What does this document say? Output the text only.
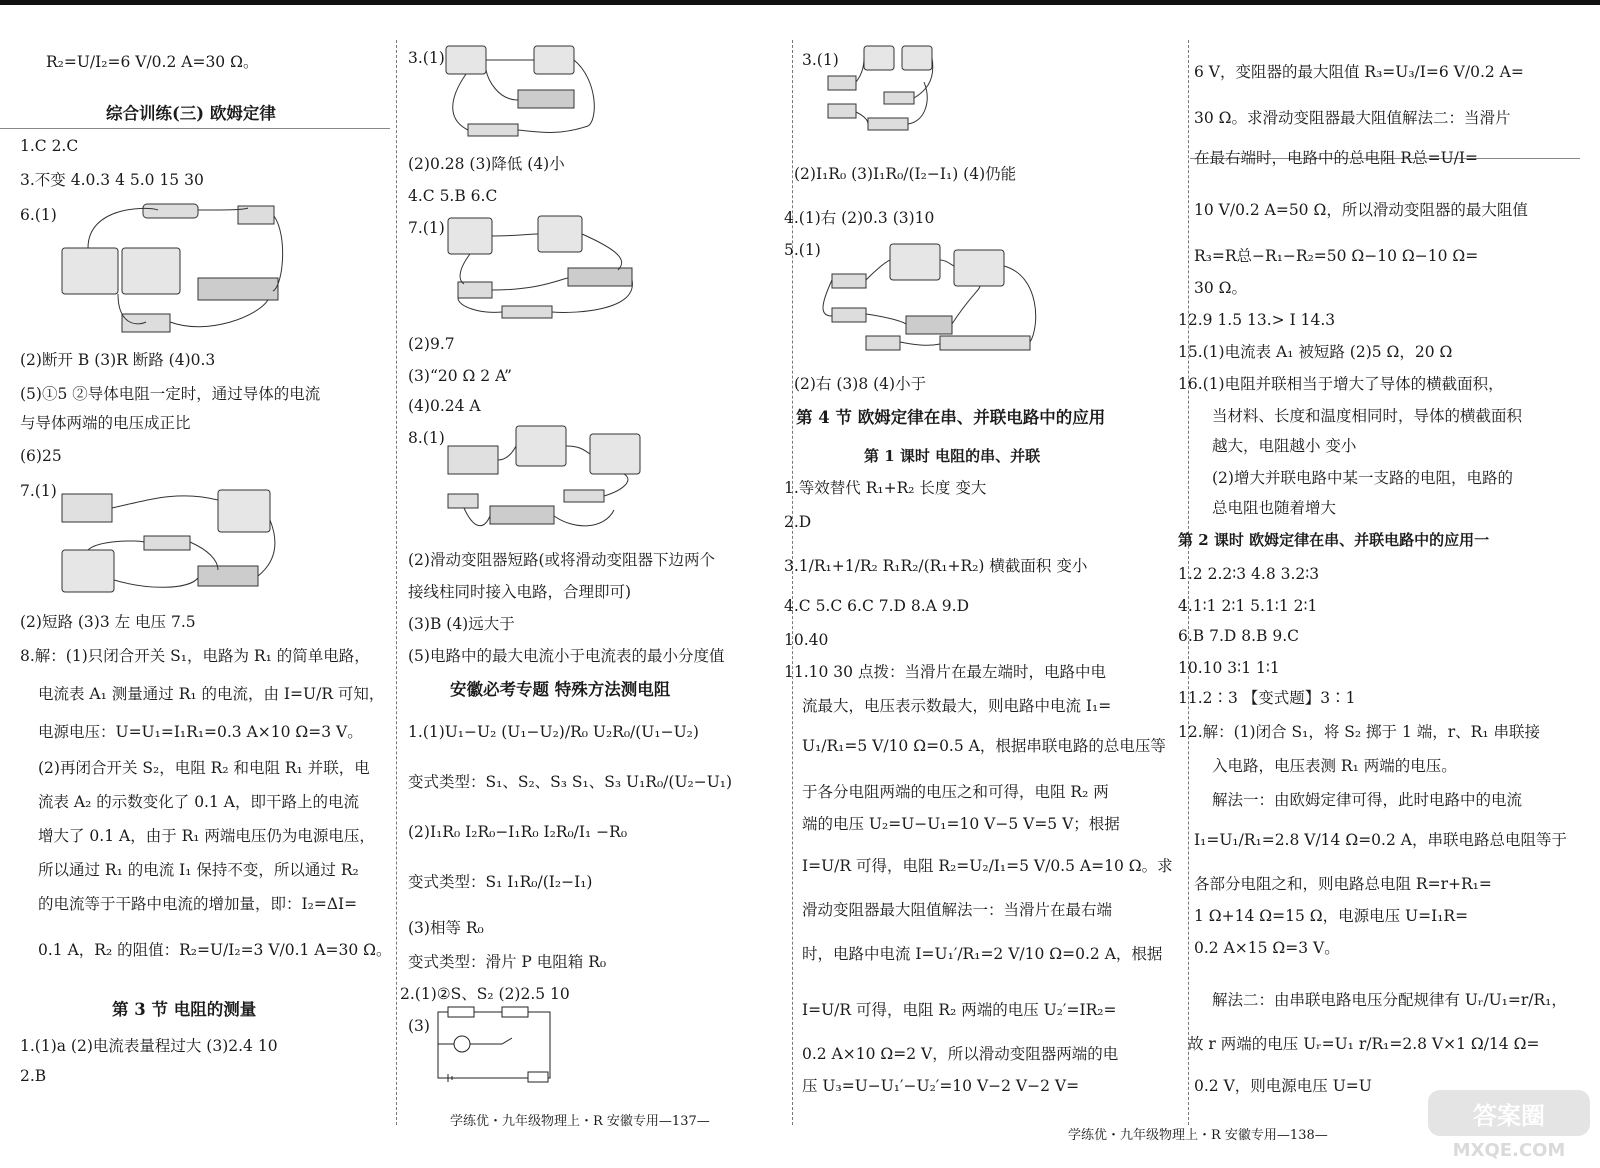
R₂=U/I₂=6 V/0.2 A=30 Ω。
综合训练(三) 欧姆定律
1.C 2.C
3.不变 4.0.3 4 5.0 15 30
6.(1)
(2)断开 B (3)R 断路 (4)0.3
(5)①5 ②导体电阻一定时，通过导体的电流
与导体两端的电压成正比
(6)25
7.(1)
(2)短路 (3)3 左 电压 7.5
8.解：(1)只闭合开关 S₁，电路为 R₁ 的简单电路，
电流表 A₁ 测量通过 R₁ 的电流，由 I=U/R 可知，
电源电压：U=U₁=I₁R₁=0.3 A×10 Ω=3 V。
(2)再闭合开关 S₂，电阻 R₂ 和电阻 R₁ 并联，电
流表 A₂ 的示数变化了 0.1 A，即干路上的电流
增大了 0.1 A，由于 R₁ 两端电压仍为电源电压，
所以通过 R₁ 的电流 I₁ 保持不变，所以通过 R₂
的电流等于干路中电流的增加量，即：I₂=ΔI=
0.1 A，R₂ 的阻值：R₂=U/I₂=3 V/0.1 A=30 Ω。
第 3 节 电阻的测量
1.(1)a (2)电流表量程过大 (3)2.4 10
2.B
3.(1)
(2)0.28 (3)降低 (4)小
4.C 5.B 6.C
7.(1)
(2)9.7
(3)“20 Ω 2 A”
(4)0.24 A
8.(1)
(2)滑动变阻器短路(或将滑动变阻器下边两个
接线柱同时接入电路，合理即可)
(3)B (4)远大于
(5)电路中的最大电流小于电流表的最小分度值
安徽必考专题 特殊方法测电阻
1.(1)U₁−U₂ (U₁−U₂)/R₀ U₂R₀/(U₁−U₂)
变式类型：S₁、S₂、S₃ S₁、S₃ U₁R₀/(U₂−U₁)
(2)I₁R₀ I₂R₀−I₁R₀ I₂R₀/I₁ −R₀
变式类型：S₁ I₁R₀/(I₂−I₁)
(3)相等 R₀
变式类型：滑片 P 电阻箱 R₀
2.(1)②S、S₂ (2)2.5 10
(3)
3.(1)
(2)I₁R₀ (3)I₁R₀/(I₂−I₁) (4)仍能
4.(1)右 (2)0.3 (3)10
5.(1)
(2)右 (3)8 (4)小于
第 4 节 欧姆定律在串、并联电路中的应用
第 1 课时 电阻的串、并联
1.等效替代 R₁+R₂ 长度 变大
2.D
3.1/R₁+1/R₂ R₁R₂/(R₁+R₂) 横截面积 变小
4.C 5.C 6.C 7.D 8.A 9.D
10.40
11.10 30 点拨：当滑片在最左端时，电路中电
流最大，电压表示数最大，则电路中电流 I₁=
U₁/R₁=5 V/10 Ω=0.5 A，根据串联电路的总电压等
于各分电阻两端的电压之和可得，电阻 R₂ 两
端的电压 U₂=U−U₁=10 V−5 V=5 V；根据
I=U/R 可得，电阻 R₂=U₂/I₁=5 V/0.5 A=10 Ω。求
滑动变阻器最大阻值解法一：当滑片在最右端
时，电路中电流 I=U₁′/R₁=2 V/10 Ω=0.2 A，根据
I=U/R 可得，电阻 R₂ 两端的电压 U₂′=IR₂=
0.2 A×10 Ω=2 V，所以滑动变阻器两端的电
压 U₃=U−U₁′−U₂′=10 V−2 V−2 V=
6 V，变阻器的最大阻值 R₃=U₃/I=6 V/0.2 A=
30 Ω。求滑动变阻器最大阻值解法二：当滑片
在最右端时，电路中的总电阻 R总=U/I=
10 V/0.2 A=50 Ω，所以滑动变阻器的最大阻值
R₃=R总−R₁−R₂=50 Ω−10 Ω−10 Ω=
30 Ω。
12.9 1.5 13.> I 14.3
15.(1)电流表 A₁ 被短路 (2)5 Ω，20 Ω
16.(1)电阻并联相当于增大了导体的横截面积，
当材料、长度和温度相同时，导体的横截面积
越大，电阻越小 变小
(2)增大并联电路中某一支路的电阻，电路的
总电阻也随着增大
第 2 课时 欧姆定律在串、并联电路中的应用一
1.2 2.2∶3 4.8 3.2∶3
4.1∶1 2∶1 5.1∶1 2∶1
6.B 7.D 8.B 9.C
10.10 3∶1 1∶1
11.2∶3 【变式题】3∶1
12.解：(1)闭合 S₁，将 S₂ 掷于 1 端，r、R₁ 串联接
入电路，电压表测 R₁ 两端的电压。
解法一：由欧姆定律可得，此时电路中的电流
I₁=U₁/R₁=2.8 V/14 Ω=0.2 A，串联电路总电阻等于
各部分电阻之和，则电路总电阻 R=r+R₁=
1 Ω+14 Ω=15 Ω，电源电压 U=I₁R=
0.2 A×15 Ω=3 V。
解法二：由串联电路电压分配规律有 Uᵣ/U₁=r/R₁，
故 r 两端的电压 Uᵣ=U₁ r/R₁=2.8 V×1 Ω/14 Ω=
0.2 V，则电源电压 U=U
学练优・九年级物理上・R 安徽专用—137—
学练优・九年级物理上・R 安徽专用—138—
答案圈
MXQE.COM
